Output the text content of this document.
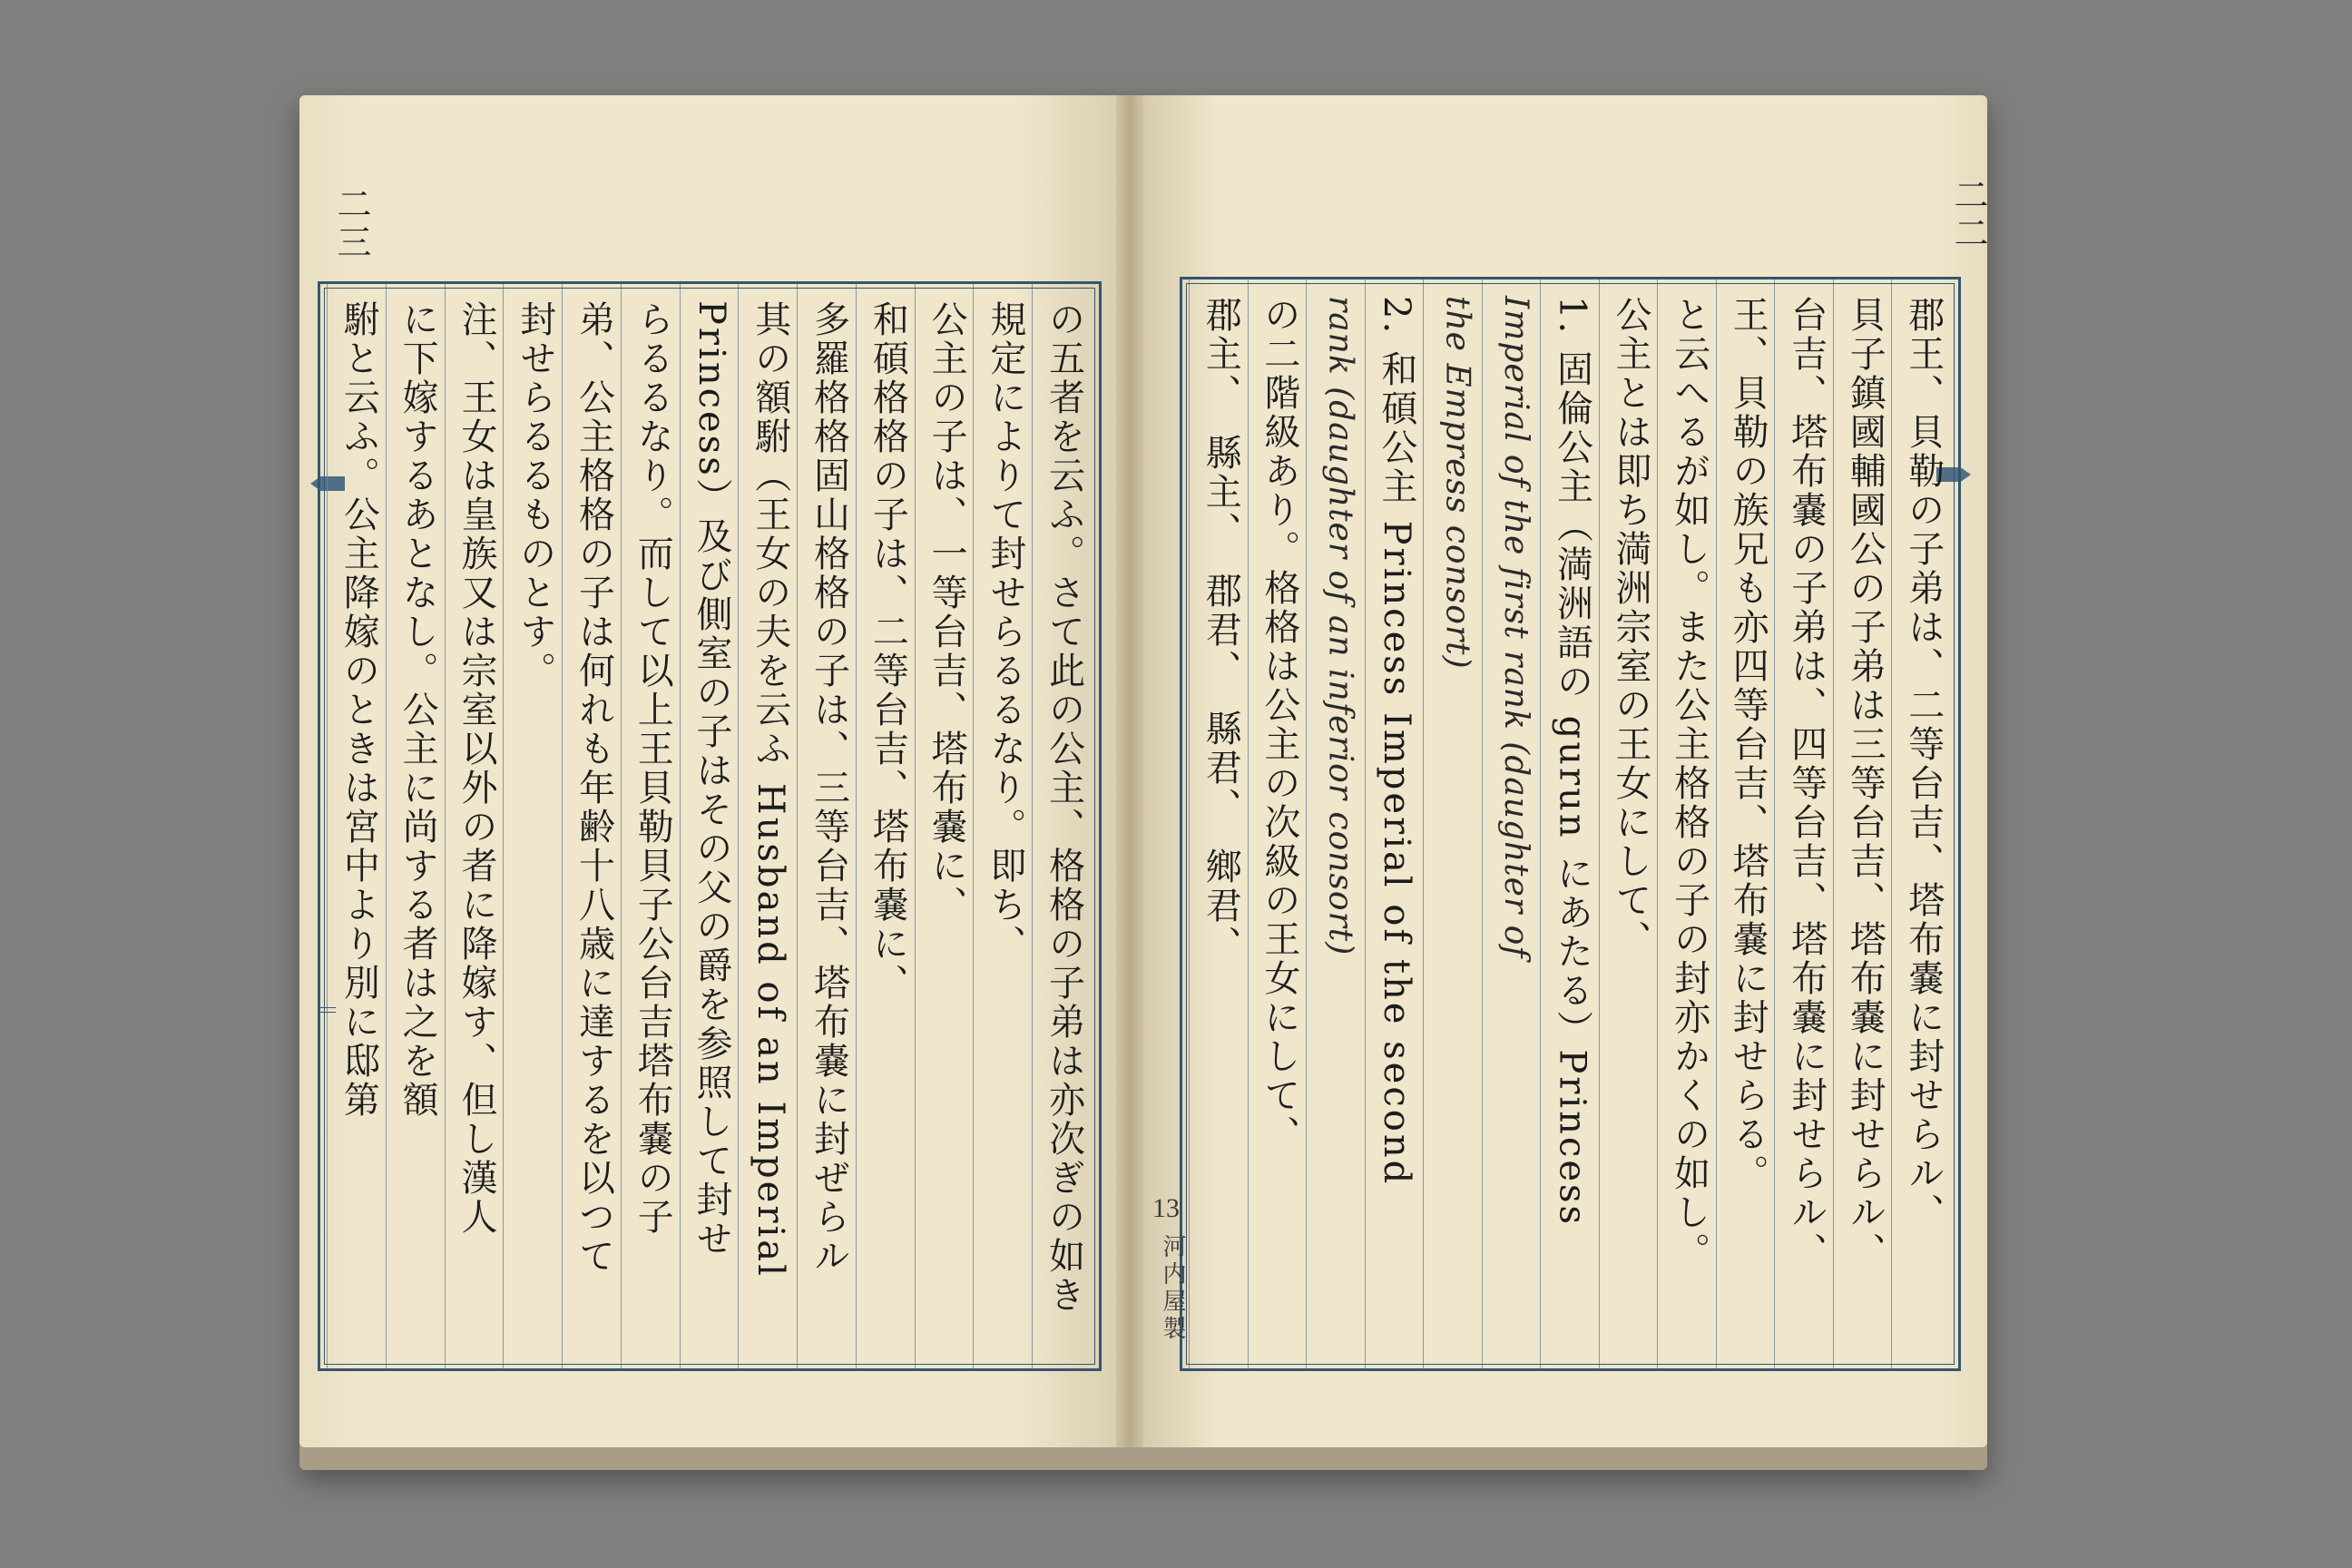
二三
の五者を云ふ。さて此の公主、格格の子弟は亦次ぎの如き
規定によりて封せらるるなり。即ち、
公主の子は、一等台吉、塔布嚢に、
和碩格格の子は、二等台吉、塔布嚢に、
多羅格格固山格格の子は、三等台吉、塔布嚢に封ぜらル
其の額駙（王女の夫を云ふ Husband of an Imperial
Princess）及び側室の子はその父の爵を参照して封せ
らるるなり。而して以上王貝勒貝子公台吉塔布嚢の子
弟、公主格格の子は何れも年齢十八歳に達するを以つて
封せらるるものとす。
注、王女は皇族又は宗室以外の者に降嫁す、但し漢人
に下嫁するあとなし。公主に尚する者は之を額
駙と云ふ。公主降嫁のときは宮中より別に邸第
二二
郡王、貝勒の子弟は、二等台吉、塔布嚢に封せらル、
貝子鎮國輔國公の子弟は三等台吉、塔布嚢に封せらル、
台吉、塔布嚢の子弟は、四等台吉、塔布嚢に封せらル、
王、貝勒の族兄も亦四等台吉、塔布嚢に封せらる。
と云へるが如し。また公主格格の子の封亦かくの如し。
公主とは即ち満洲宗室の王女にして、
1. 固倫公主（満洲語の gurun にあたる）Princess
Imperial of the first rank (daughter of
the Empress consort)
2. 和碩公主 Princess Imperial of the second
rank (daughter of an inferior consort)
の二階級あり。格格は公主の次級の王女にして、
郡主、　縣主、　郡君、　縣君、　鄉君、
13
河内屋製
